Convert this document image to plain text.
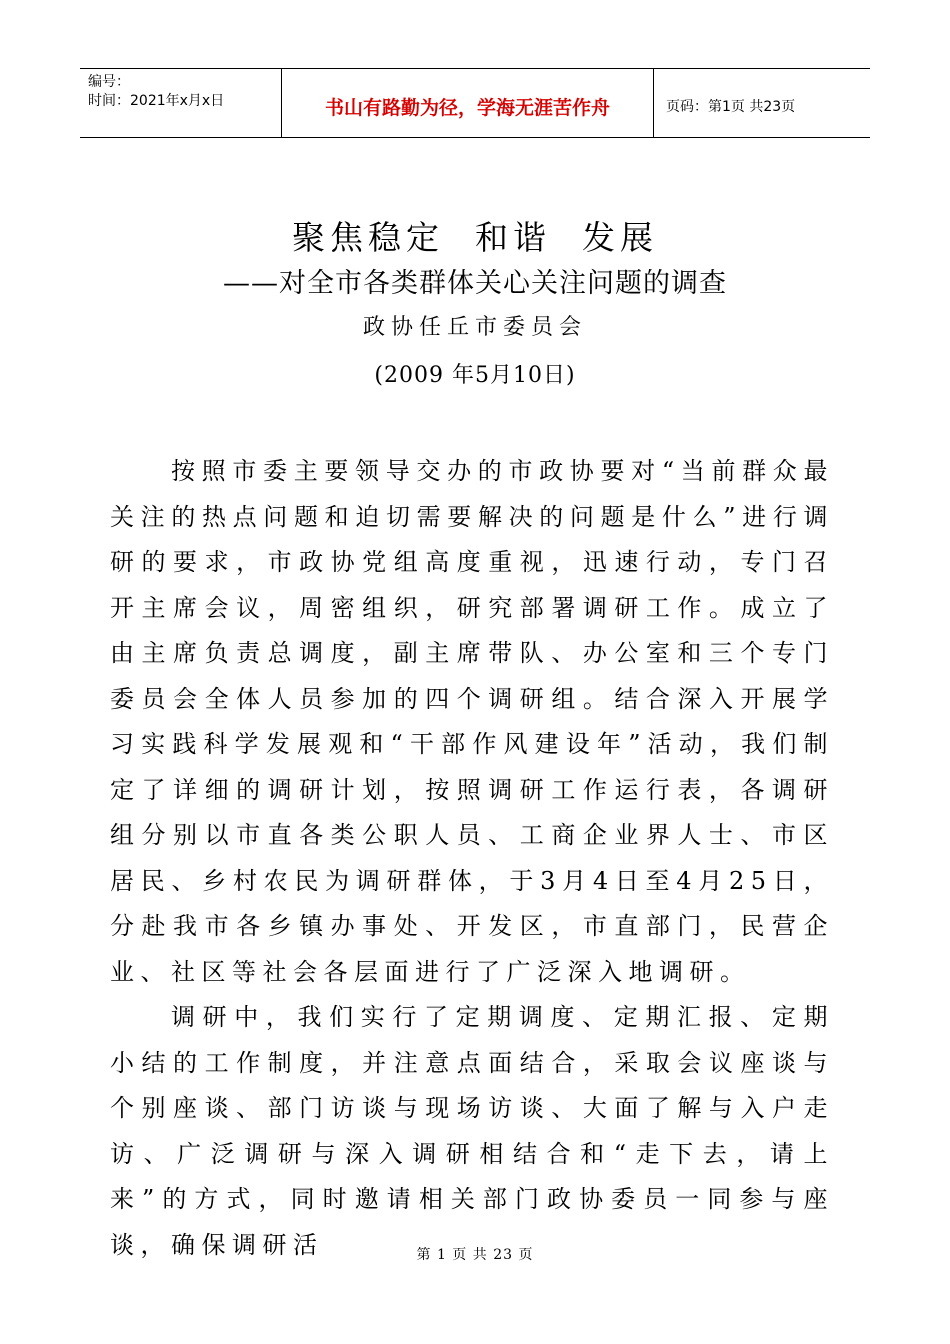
编号：
时间：2021年x月x日	书山有路勤为径，学海无涯苦作舟	页码：第1页 共23页
聚焦稳定  和谐  发展
——对全市各类群体关心关注问题的调查
政协任丘市委员会
(2009 年5月10日)
按照市委主要领导交办的市政协要对“当前群众最关注的热点问题和迫切需要解决的问题是什么”进行调研的要求，市政协党组高度重视，迅速行动，专门召开主席会议，周密组织，研究部署调研工作。成立了由主席负责总调度，副主席带队、办公室和三个专门委员会全体人员参加的四个调研组。结合深入开展学习实践科学发展观和“干部作风建设年”活动，我们制定了详细的调研计划，按照调研工作运行表，各调研组分别以市直各类公职人员、工商企业界人士、市区居民、乡村农民为调研群体，于3月4日至4月25日，分赴我市各乡镇办事处、开发区，市直部门，民营企业、社区等社会各层面进行了广泛深入地调研。
调研中，我们实行了定期调度、定期汇报、定期小结的工作制度，并注意点面结合，采取会议座谈与个别座谈、部门访谈与现场访谈、大面了解与入户走访、广泛调研与深入调研相结合和“走下去，请上来”的方式，同时邀请相关部门政协委员一同参与座谈，确保调研活	第 1 页 共 23 页
